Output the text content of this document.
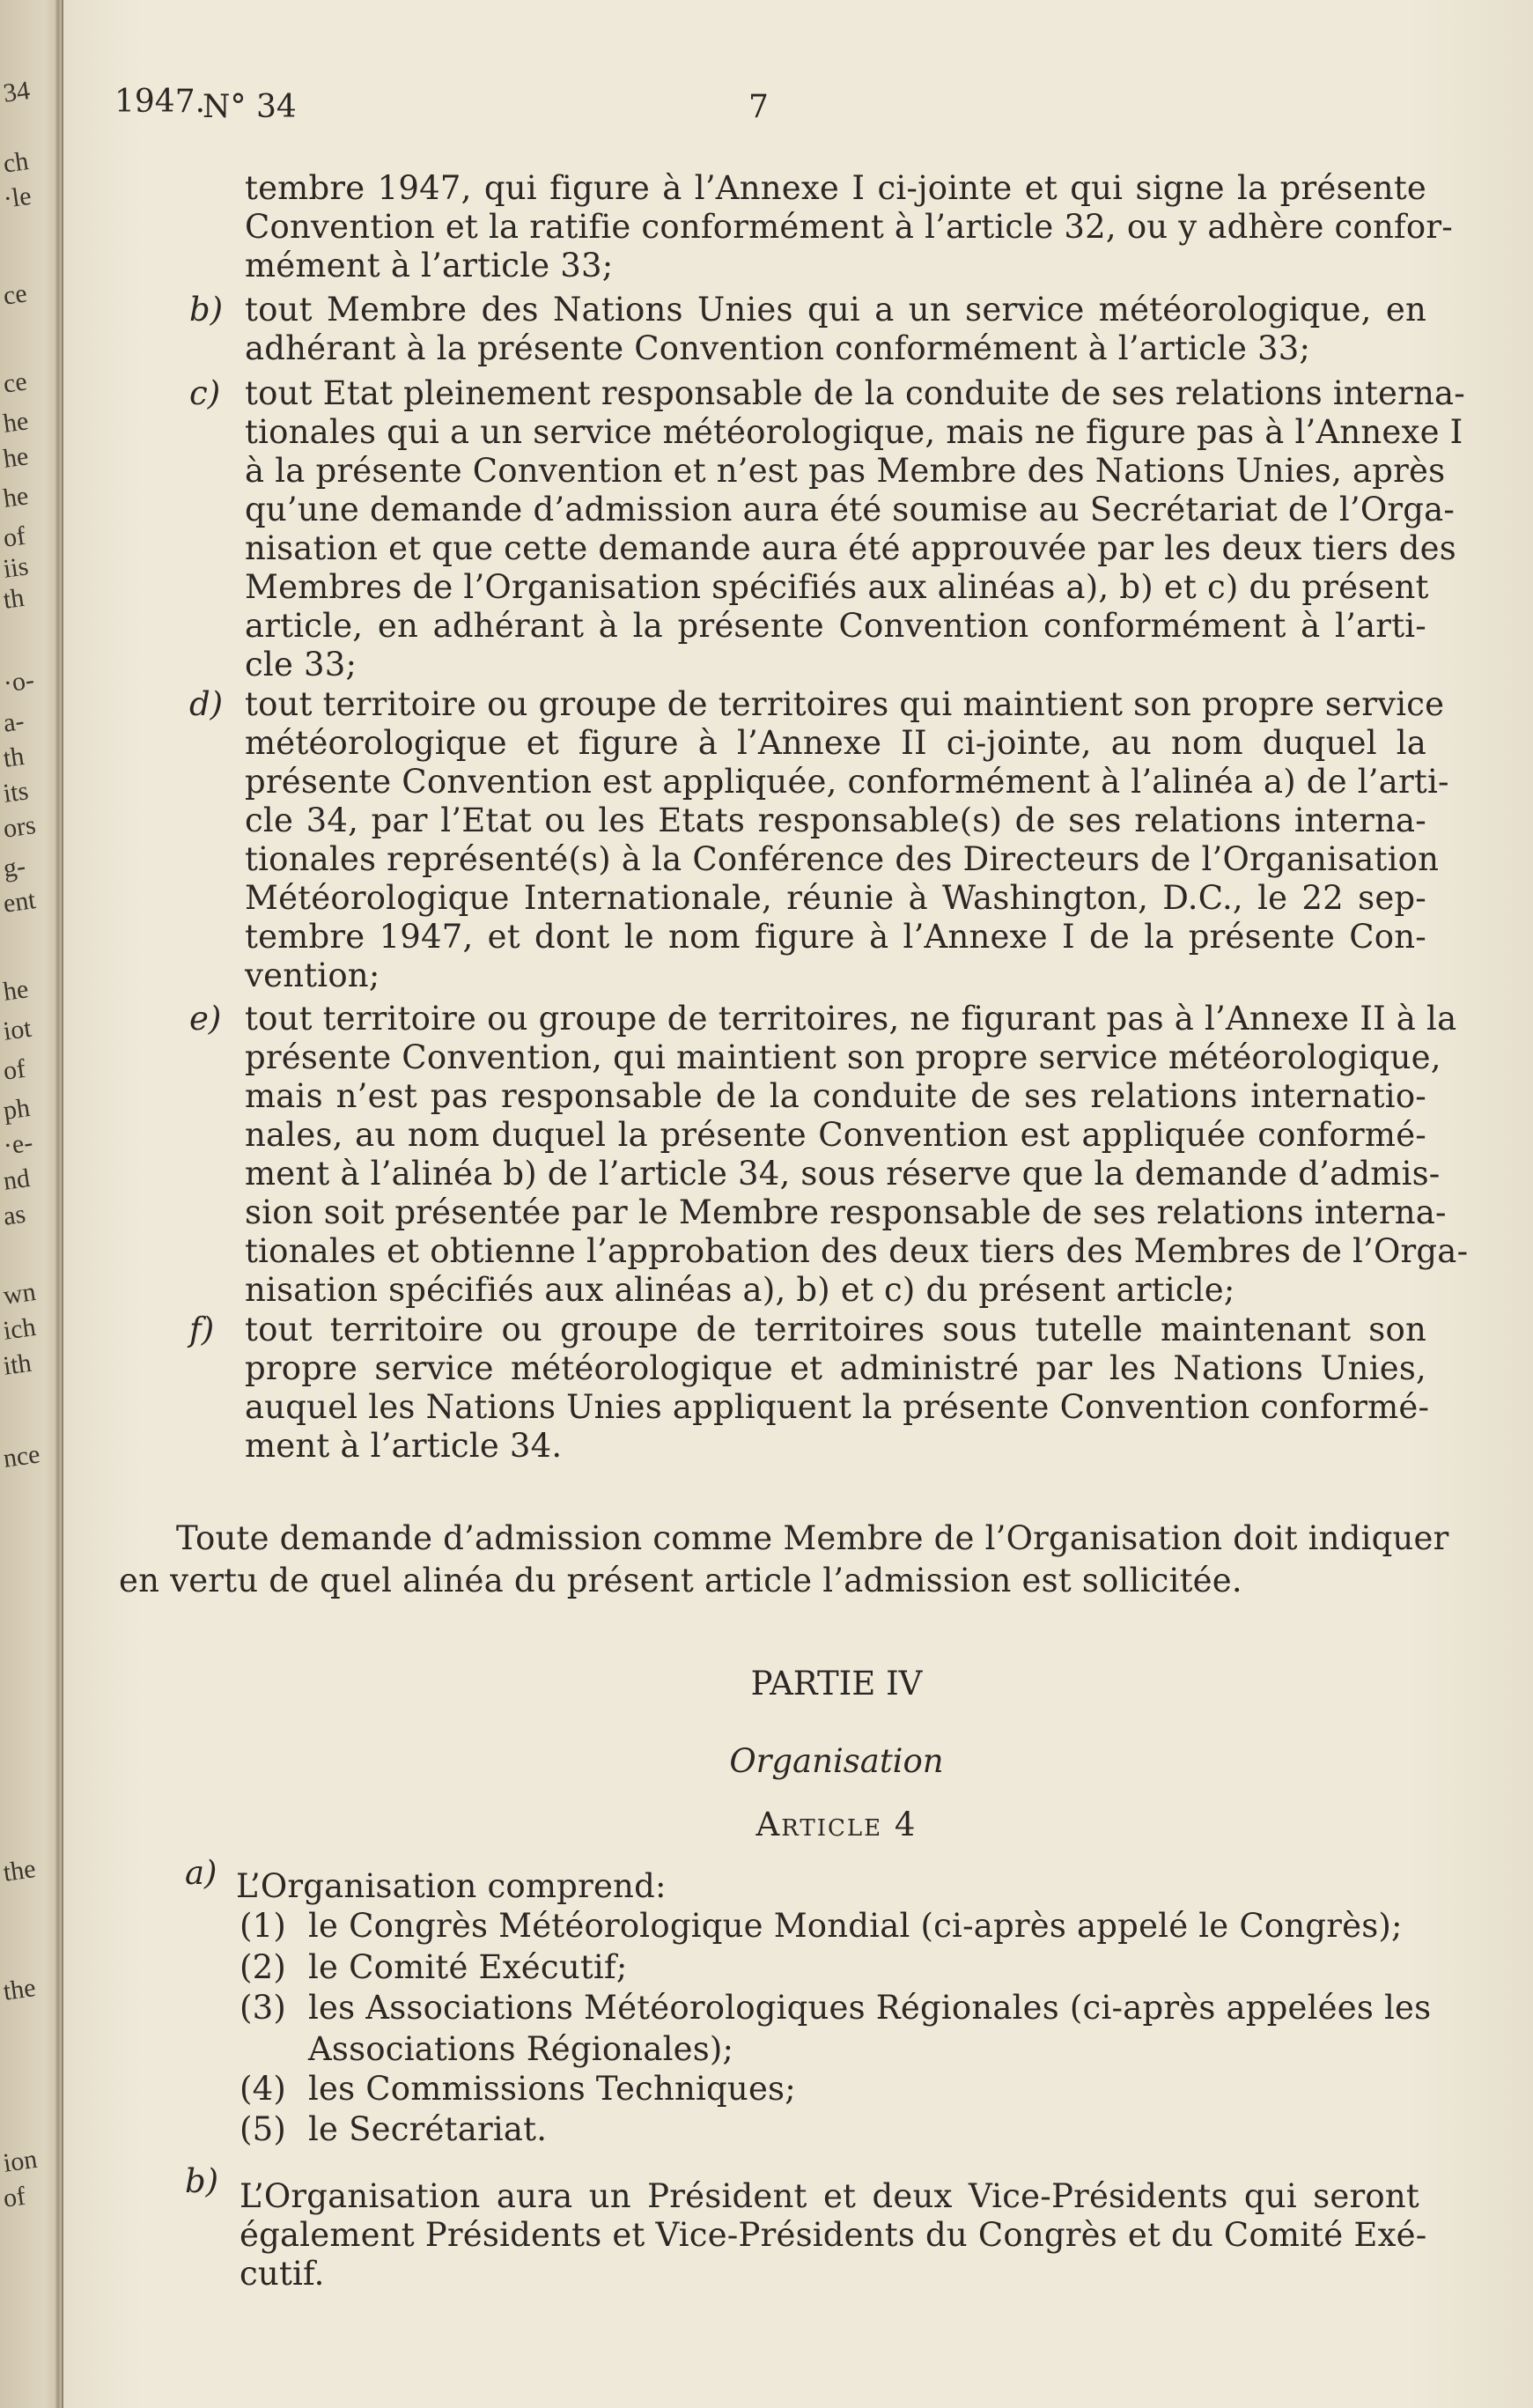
34
ch
·le
ce
ce
he
he
he
of
iis
th
·o-
a-
th
its
ors
g-
ent
he
iot
of
ph
·e-
nd
as
wn
ich
ith
nce
the
the
ion
of
1947.
N° 34	7
tembre 1947, qui figure à l’Annexe I ci-jointe et qui signe la présente
Convention et la ratifie conformément à l’article 32, ou y adhère confor-
mément à l’article 33;
b) tout Membre des Nations Unies qui a un service météorologique, en
adhérant à la présente Convention conformément à l’article 33;
c) tout Etat pleinement responsable de la conduite de ses relations interna-
tionales qui a un service météorologique, mais ne figure pas à l’Annexe I
à la présente Convention et n’est pas Membre des Nations Unies, après
qu’une demande d’admission aura été soumise au Secrétariat de l’Orga-
nisation et que cette demande aura été approuvée par les deux tiers des
Membres de l’Organisation spécifiés aux alinéas a), b) et c) du présent
article, en adhérant à la présente Convention conformément à l’arti-
cle 33;
d) tout territoire ou groupe de territoires qui maintient son propre service
météorologique et figure à l’Annexe II ci-jointe, au nom duquel la
présente Convention est appliquée, conformément à l’alinéa a) de l’arti-
cle 34, par l’Etat ou les Etats responsable(s) de ses relations interna-
tionales représenté(s) à la Conférence des Directeurs de l’Organisation
Météorologique Internationale, réunie à Washington, D.C., le 22 sep-
tembre 1947, et dont le nom figure à l’Annexe I de la présente Con-
vention;
e) tout territoire ou groupe de territoires, ne figurant pas à l’Annexe II à la
présente Convention, qui maintient son propre service météorologique,
mais n’est pas responsable de la conduite de ses relations internatio-
nales, au nom duquel la présente Convention est appliquée conformé-
ment à l’alinéa b) de l’article 34, sous réserve que la demande d’admis-
sion soit présentée par le Membre responsable de ses relations interna-
tionales et obtienne l’approbation des deux tiers des Membres de l’Orga-
nisation spécifiés aux alinéas a), b) et c) du présent article;
f) tout territoire ou groupe de territoires sous tutelle maintenant son
propre service météorologique et administré par les Nations Unies,
auquel les Nations Unies appliquent la présente Convention conformé-
ment à l’article 34.
Toute demande d’admission comme Membre de l’Organisation doit indiquer
en vertu de quel alinéa du présent article l’admission est sollicitée.
PARTIE IV
Organisation
Article 4
a) L’Organisation comprend:
(1) le Congrès Météorologique Mondial (ci-après appelé le Congrès);
(2) le Comité Exécutif;
(3) les Associations Météorologiques Régionales (ci-après appelées les
Associations Régionales);
(4) les Commissions Techniques;
(5) le Secrétariat.
b) L’Organisation aura un Président et deux Vice-Présidents qui seront
également Présidents et Vice-Présidents du Congrès et du Comité Exé-
cutif.
